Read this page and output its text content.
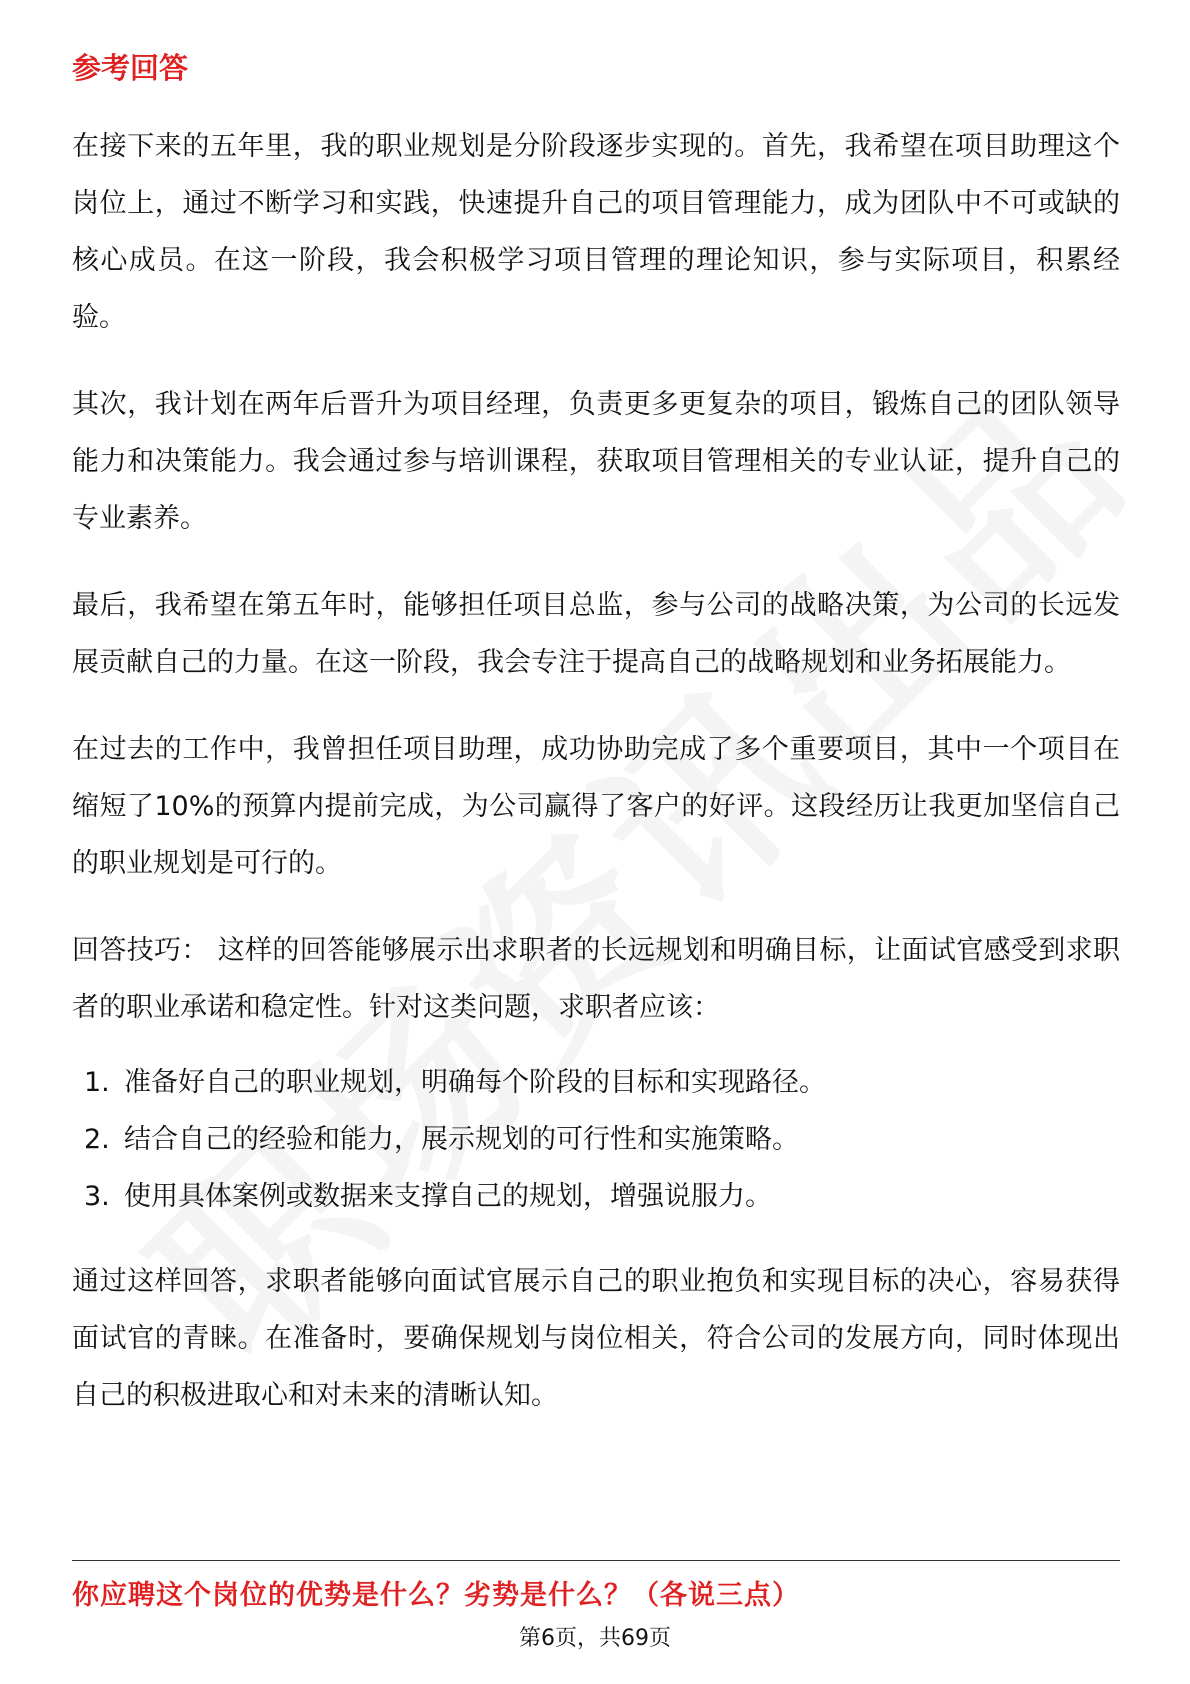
参考回答

在接下来的五年里，我的职业规划是分阶段逐步实现的。首先，我希望在项目助理这个岗位上，通过不断学习和实践，快速提升自己的项目管理能力，成为团队中不可或缺的核心成员。在这一阶段，我会积极学习项目管理的理论知识，参与实际项目，积累经验。

其次，我计划在两年后晋升为项目经理，负责更多更复杂的项目，锻炼自己的团队领导能力和决策能力。我会通过参与培训课程，获取项目管理相关的专业认证，提升自己的专业素养。

最后，我希望在第五年时，能够担任项目总监，参与公司的战略决策，为公司的长远发展贡献自己的力量。在这一阶段，我会专注于提高自己的战略规划和业务拓展能力。

在过去的工作中，我曾担任项目助理，成功协助完成了多个重要项目，其中一个项目在缩短了10%的预算内提前完成，为公司赢得了客户的好评。这段经历让我更加坚信自己的职业规划是可行的。

回答技巧： 这样的回答能够展示出求职者的长远规划和明确目标，让面试官感受到求职者的职业承诺和稳定性。针对这类问题，求职者应该：

1. 准备好自己的职业规划，明确每个阶段的目标和实现路径。
2. 结合自己的经验和能力，展示规划的可行性和实施策略。
3. 使用具体案例或数据来支撑自己的规划，增强说服力。

通过这样回答，求职者能够向面试官展示自己的职业抱负和实现目标的决心，容易获得面试官的青睐。在准备时，要确保规划与岗位相关，符合公司的发展方向，同时体现出自己的积极进取心和对未来的清晰认知。

你应聘这个岗位的优势是什么？劣势是什么？（各说三点）
第6页，共69页
